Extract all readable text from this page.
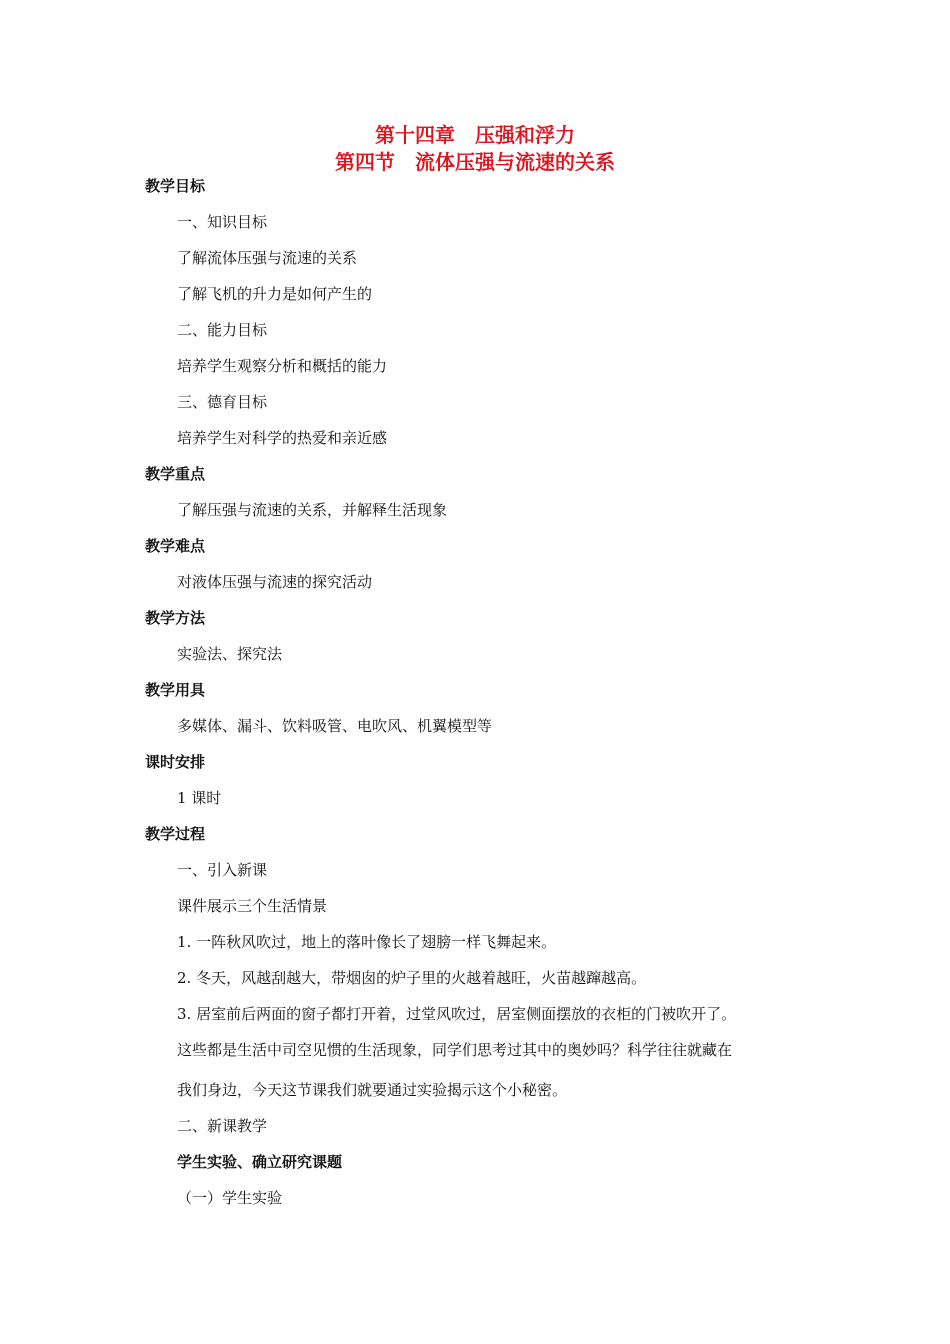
第十四章　压强和浮力
第四节　流体压强与流速的关系

教学目标

一、知识目标

了解流体压强与流速的关系

了解飞机的升力是如何产生的

二、能力目标

培养学生观察分析和概括的能力

三、德育目标

培养学生对科学的热爱和亲近感

教学重点

了解压强与流速的关系，并解释生活现象

教学难点

对液体压强与流速的探究活动

教学方法

实验法、探究法

教学用具

多媒体、漏斗、饮料吸管、电吹风、机翼模型等

课时安排

1 课时

教学过程

一、引入新课

课件展示三个生活情景

1. 一阵秋风吹过，地上的落叶像长了翅膀一样飞舞起来。

2. 冬天，风越刮越大，带烟囱的炉子里的火越着越旺，火苗越蹿越高。

3. 居室前后两面的窗子都打开着，过堂风吹过，居室侧面摆放的衣柜的门被吹开了。

这些都是生活中司空见惯的生活现象，同学们思考过其中的奥妙吗？科学往往就藏在

我们身边，今天这节课我们就要通过实验揭示这个小秘密。

二、新课教学

学生实验、确立研究课题

（一）学生实验
